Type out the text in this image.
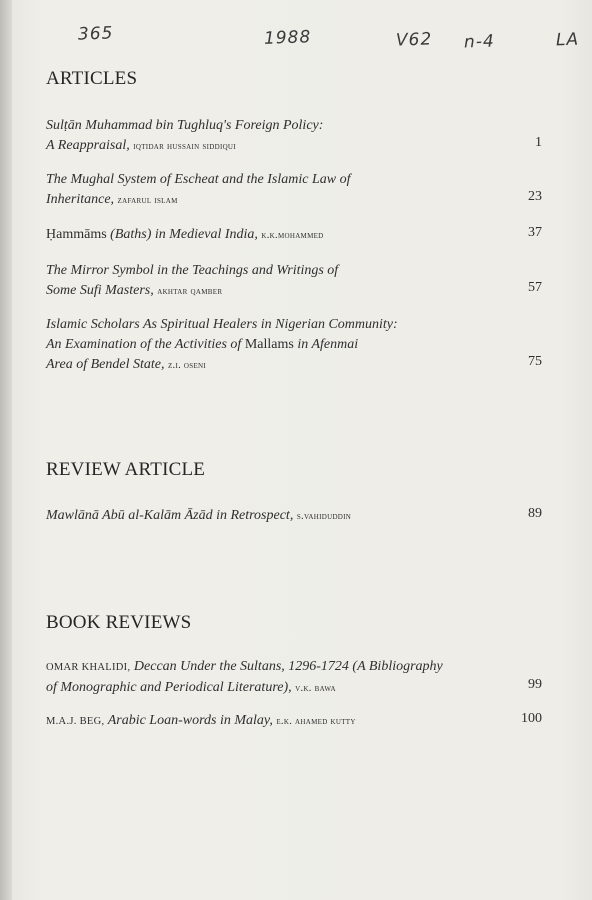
365	1988	V62 n-4	LA
ARTICLES
Sulṭān Muhammad bin Tughluq's Foreign Policy:
A Reappraisal, iqtidar hussain siddiqui	1
The Mughal System of Escheat and the Islamic Law of
Inheritance, zafarul islam	23
Ḥammāms (Baths) in Medieval India, k.k.mohammed	37
The Mirror Symbol in the Teachings and Writings of
Some Sufi Masters, akhtar qamber	57
Islamic Scholars As Spiritual Healers in Nigerian Community:
An Examination of the Activities of Mallams in Afenmai
Area of Bendel State, z.i. oseni	75
REVIEW ARTICLE
Mawlānā Abū al-Kalām Āzād in Retrospect, s.vahiduddin	89
BOOK REVIEWS
OMAR KHALIDI, Deccan Under the Sultans, 1296-1724 (A Bibliography
of Monographic and Periodical Literature), v.k. bawa	99
M.A.J. BEG, Arabic Loan-words in Malay, e.k. ahamed kutty	100
